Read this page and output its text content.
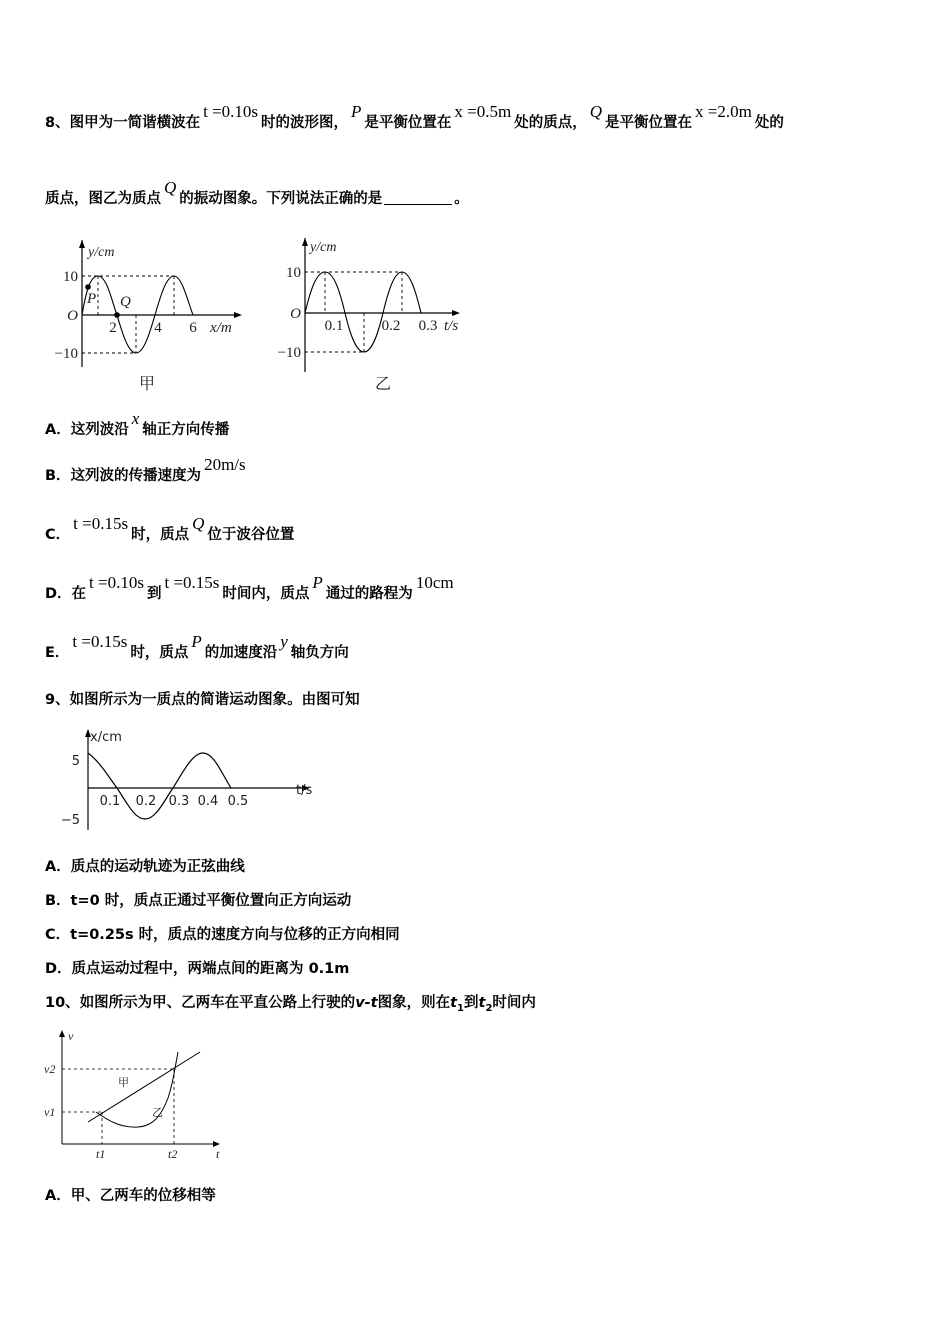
8、图甲为一简谐横波在t =0.10s时的波形图，P是平衡位置在x =0.5m处的质点，Q是平衡位置在x =2.0m处的
质点，图乙为质点Q的振动图象。下列说法正确的是	。
y/cm
10
O
−10
P Q
2	4 6 x/m
甲
y/cm
10
O
−10
0.1	0.2 0.3 t/s
乙
A．这列波沿x轴正方向传播
B．这列波的传播速度为20m/s
C．t =0.15s时，质点Q位于波谷位置
D．在t =0.10s到t =0.15s时间内，质点P通过的路程为10cm
E．t =0.15s时，质点P的加速度沿y轴负方向
9、如图所示为一质点的简谐运动图象。由图可知
x/cm
5
−5
0.1 0.2 0.3 0.4 0.5
t/s
A．质点的运动轨迹为正弦曲线
B．t=0 时，质点正通过平衡位置向正方向运动
C．t=0.25s 时，质点的速度方向与位移的正方向相同
D．质点运动过程中，两端点间的距离为 0.1m
10、如图所示为甲、乙两车在平直公路上行驶的v-t图象，则在$t_1$到$t_2$时间内
v
v2
v1
t1	t2	t
甲
乙
A．甲、乙两车的位移相等
